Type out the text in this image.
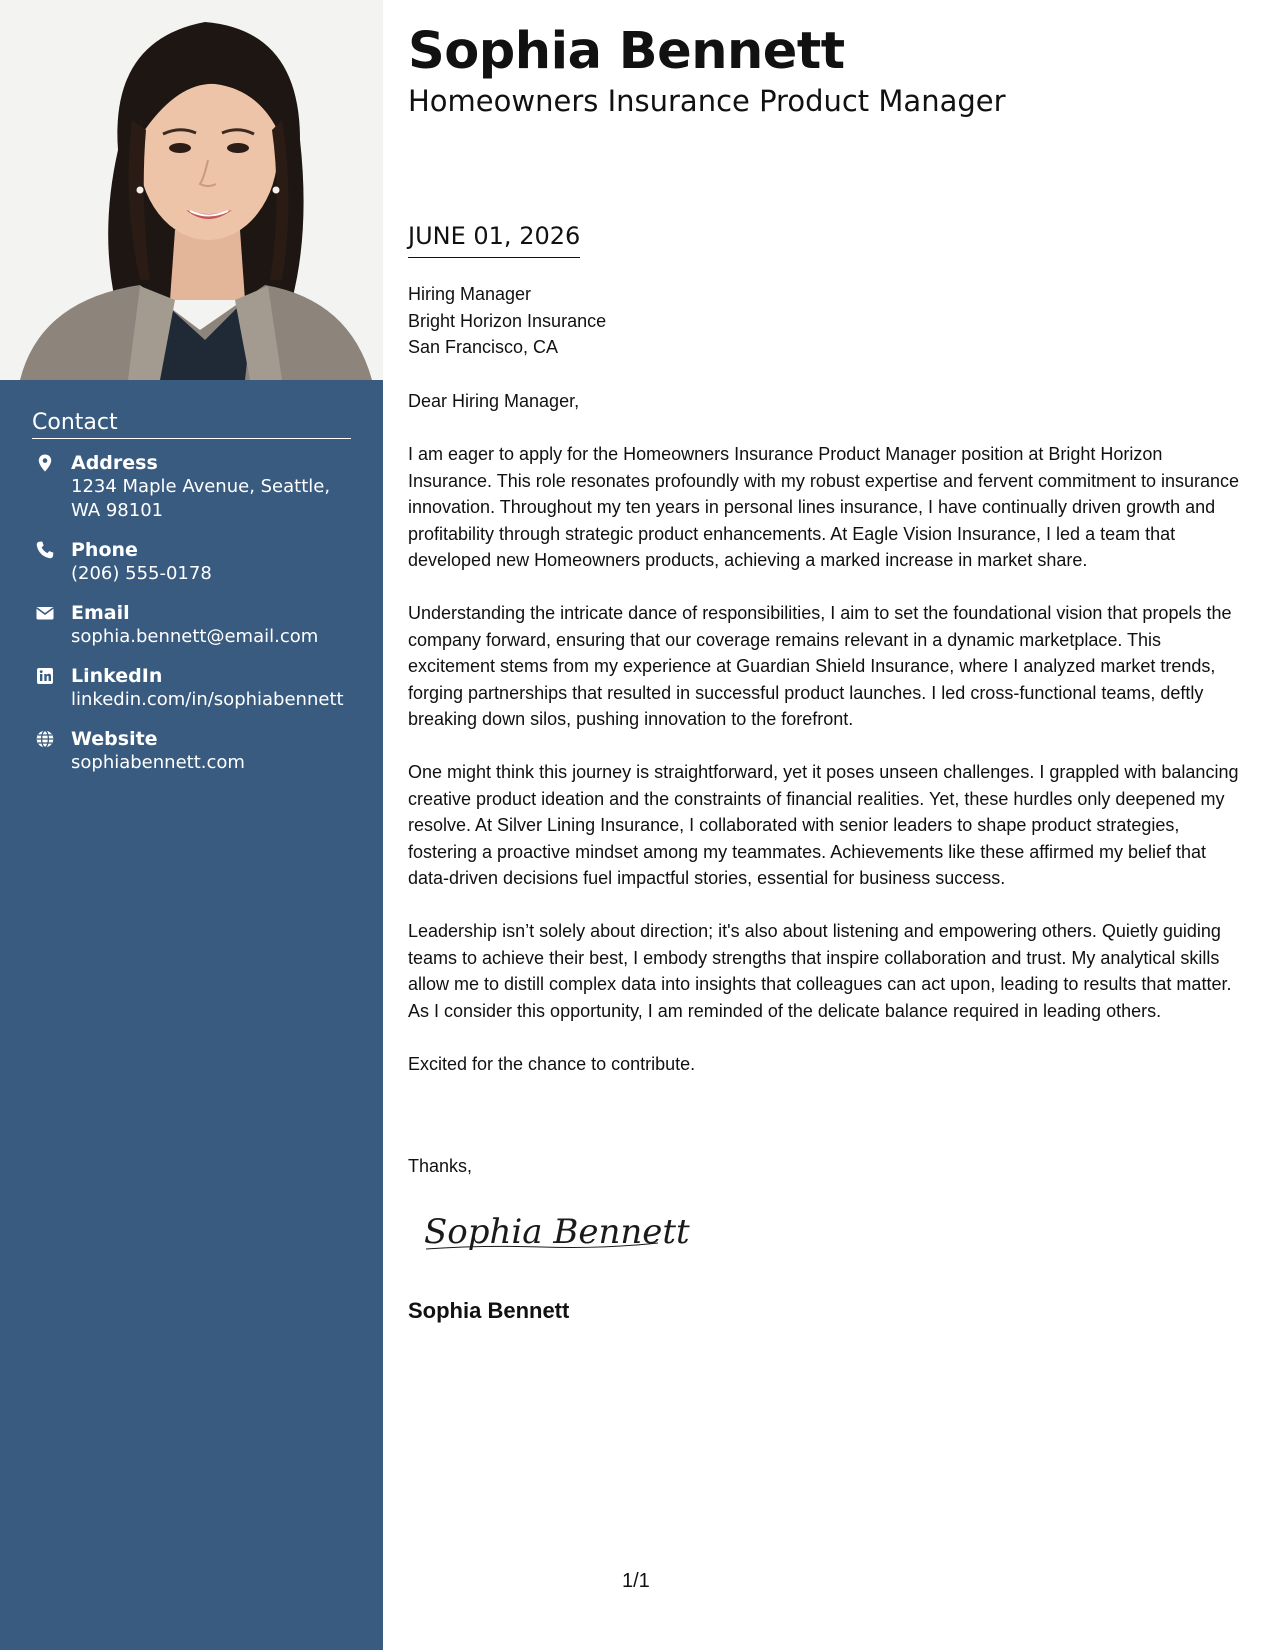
Contact
Address
1234 Maple Avenue, Seattle, WA 98101
Phone
(206) 555-0178
Email
sophia.bennett@email.com
LinkedIn
linkedin.com/in/sophiabennett
Website
sophiabennett.com
Sophia Bennett
Homeowners Insurance Product Manager
JUNE 01, 2026
Hiring Manager
Bright Horizon Insurance
San Francisco, CA
Dear Hiring Manager,

I am eager to apply for the Homeowners Insurance Product Manager position at Bright Horizon Insurance. This role resonates profoundly with my robust expertise and fervent commitment to insurance innovation. Throughout my ten years in personal lines insurance, I have continually driven growth and profitability through strategic product enhancements. At Eagle Vision Insurance, I led a team that developed new Homeowners products, achieving a marked increase in market share.

Understanding the intricate dance of responsibilities, I aim to set the foundational vision that propels the company forward, ensuring that our coverage remains relevant in a dynamic marketplace. This excitement stems from my experience at Guardian Shield Insurance, where I analyzed market trends, forging partnerships that resulted in successful product launches. I led cross-functional teams, deftly breaking down silos, pushing innovation to the forefront.

One might think this journey is straightforward, yet it poses unseen challenges. I grappled with balancing creative product ideation and the constraints of financial realities. Yet, these hurdles only deepened my resolve. At Silver Lining Insurance, I collaborated with senior leaders to shape product strategies, fostering a proactive mindset among my teammates. Achievements like these affirmed my belief that data-driven decisions fuel impactful stories, essential for business success.

Leadership isn’t solely about direction; it's also about listening and empowering others. Quietly guiding teams to achieve their best, I embody strengths that inspire collaboration and trust. My analytical skills allow me to distill complex data into insights that colleagues can act upon, leading to results that matter. As I consider this opportunity, I am reminded of the delicate balance required in leading others.

Excited for the chance to contribute.

Thanks,
Sophia Bennett
Sophia Bennett
1/1
